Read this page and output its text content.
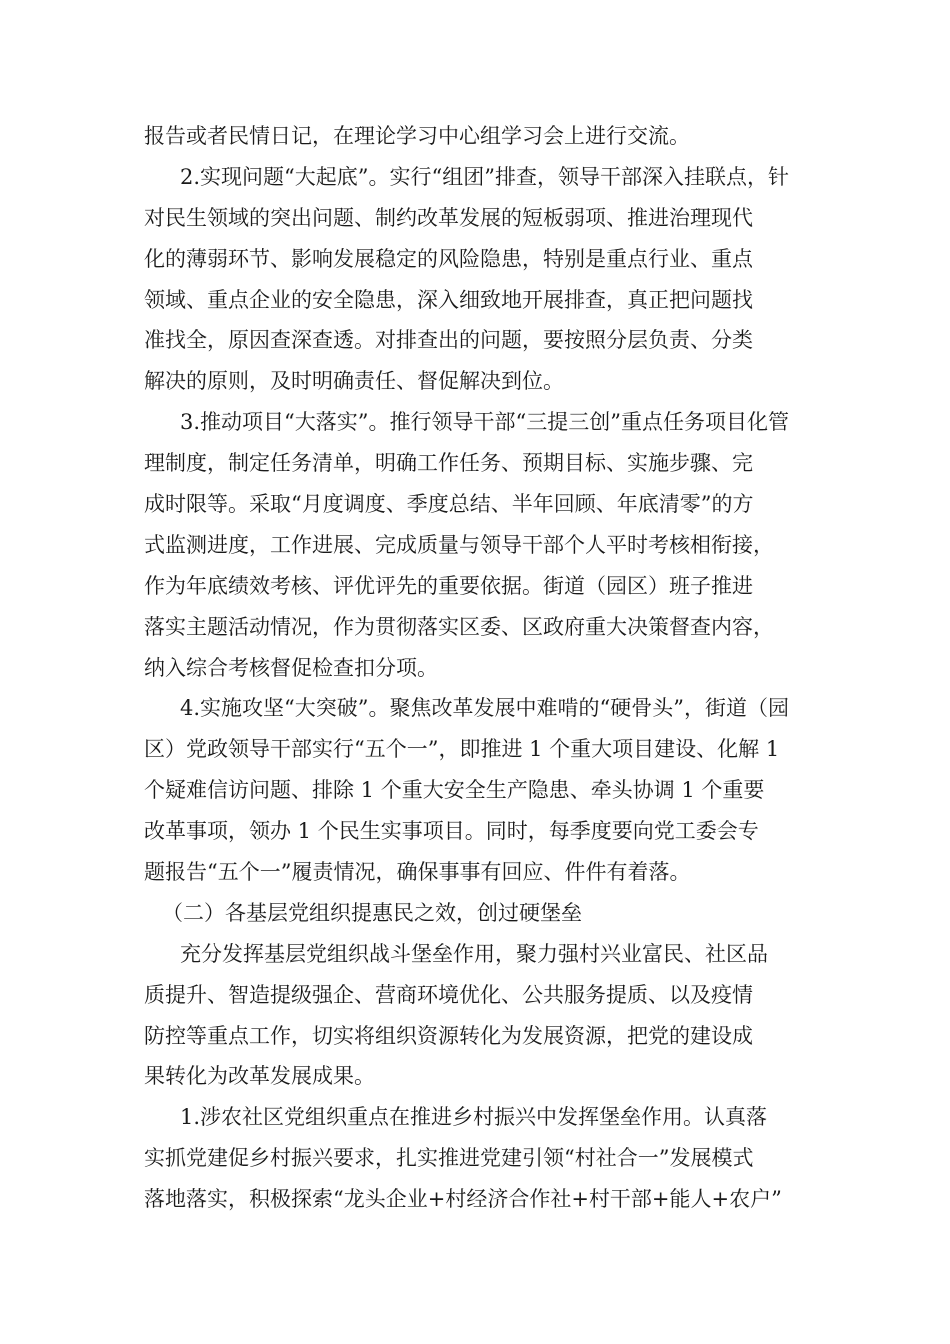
报告或者民情日记，在理论学习中心组学习会上进行交流。
2.实现问题“大起底”。实行“组团”排查，领导干部深入挂联点，针
对民生领域的突出问题、制约改革发展的短板弱项、推进治理现代
化的薄弱环节、影响发展稳定的风险隐患，特别是重点行业、重点
领域、重点企业的安全隐患，深入细致地开展排查，真正把问题找
准找全，原因查深查透。对排查出的问题，要按照分层负责、分类
解决的原则，及时明确责任、督促解决到位。
3.推动项目“大落实”。推行领导干部“三提三创”重点任务项目化管
理制度，制定任务清单，明确工作任务、预期目标、实施步骤、完
成时限等。采取“月度调度、季度总结、半年回顾、年底清零”的方
式监测进度，工作进展、完成质量与领导干部个人平时考核相衔接，
作为年底绩效考核、评优评先的重要依据。街道（园区）班子推进
落实主题活动情况，作为贯彻落实区委、区政府重大决策督查内容，
纳入综合考核督促检查扣分项。
4.实施攻坚“大突破”。聚焦改革发展中难啃的“硬骨头”，街道（园
区）党政领导干部实行“五个一”，即推进 1 个重大项目建设、化解 1
个疑难信访问题、排除 1 个重大安全生产隐患、牵头协调 1 个重要
改革事项，领办 1 个民生实事项目。同时，每季度要向党工委会专
题报告“五个一”履责情况，确保事事有回应、件件有着落。
（二）各基层党组织提惠民之效，创过硬堡垒
充分发挥基层党组织战斗堡垒作用，聚力强村兴业富民、社区品
质提升、智造提级强企、营商环境优化、公共服务提质、以及疫情
防控等重点工作，切实将组织资源转化为发展资源，把党的建设成
果转化为改革发展成果。
1.涉农社区党组织重点在推进乡村振兴中发挥堡垒作用。认真落
实抓党建促乡村振兴要求，扎实推进党建引领“村社合一”发展模式
落地落实，积极探索“龙头企业+村经济合作社+村干部+能人+农户”
